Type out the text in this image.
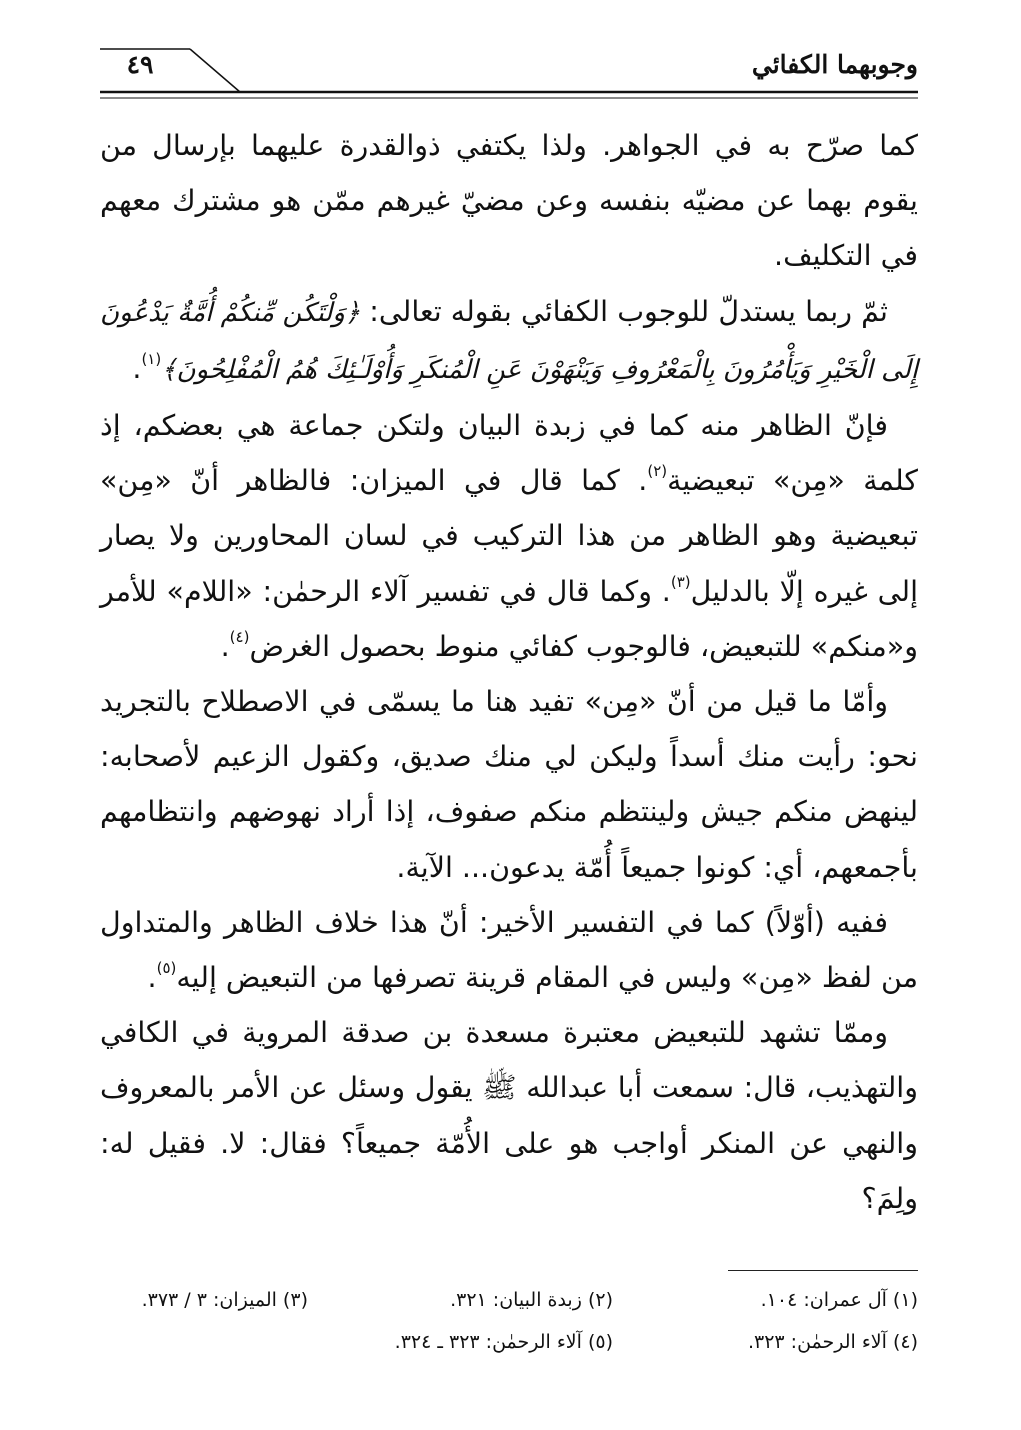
وجوبهما الكفائي
٤٩

كما صرّح به في الجواهر. ولذا يكتفي ذوالقدرة عليهما بإرسال من يقوم بهما عن مضيّه بنفسه وعن مضيّ غيرهم ممّن هو مشترك معهم في التكليف.

ثمّ ربما يستدلّ للوجوب الكفائي بقوله تعالى: ﴿وَلْتَكُن مِّنكُمْ أُمَّةٌ يَدْعُونَ إِلَى الْخَيْرِ وَيَأْمُرُونَ بِالْمَعْرُوفِ وَيَنْهَوْنَ عَنِ الْمُنكَرِ وَأُوْلَـٰئِكَ هُمُ الْمُفْلِحُونَ﴾$^{(١)}$.

فإنّ الظاهر منه كما في زبدة البيان ولتكن جماعة هي بعضكم، إذ كلمة «مِن» تبعيضية$^{(٢)}$. كما قال في الميزان: فالظاهر أنّ «مِن» تبعيضية وهو الظاهر من هذا التركيب في لسان المحاورين ولا يصار إلى غيره إلّا بالدليل$^{(٣)}$. وكما قال في تفسير آلاء الرحمٰن: «اللام» للأمر و«منكم» للتبعيض، فالوجوب كفائي منوط بحصول الغرض$^{(٤)}$.

وأمّا ما قيل من أنّ «مِن» تفيد هنا ما يسمّى في الاصطلاح بالتجريد نحو: رأيت منك أسداً وليكن لي منك صديق، وكقول الزعيم لأصحابه: لينهض منكم جيش ولينتظم منكم صفوف، إذا أراد نهوضهم وانتظامهم بأجمعهم، أي: كونوا جميعاً أُمّة يدعون... الآية.

ففيه (أوّلاً) كما في التفسير الأخير: أنّ هذا خلاف الظاهر والمتداول من لفظ «مِن» وليس في المقام قرينة تصرفها من التبعيض إليه$^{(٥)}$.

وممّا تشهد للتبعيض معتبرة مسعدة بن صدقة المروية في الكافي والتهذيب، قال: سمعت أبا عبدالله ﷺ يقول وسئل عن الأمر بالمعروف والنهي عن المنكر أواجب هو على الأُمّة جميعاً؟ فقال: لا. فقيل له: ولِمَ؟

(١) آل عمران: ١٠٤.
(٢) زبدة البيان: ٣٢١.
(٣) الميزان: ٣ / ٣٧٣.
(٤) آلاء الرحمٰن: ٣٢٣.
(٥) آلاء الرحمٰن: ٣٢٣ ـ ٣٢٤.
